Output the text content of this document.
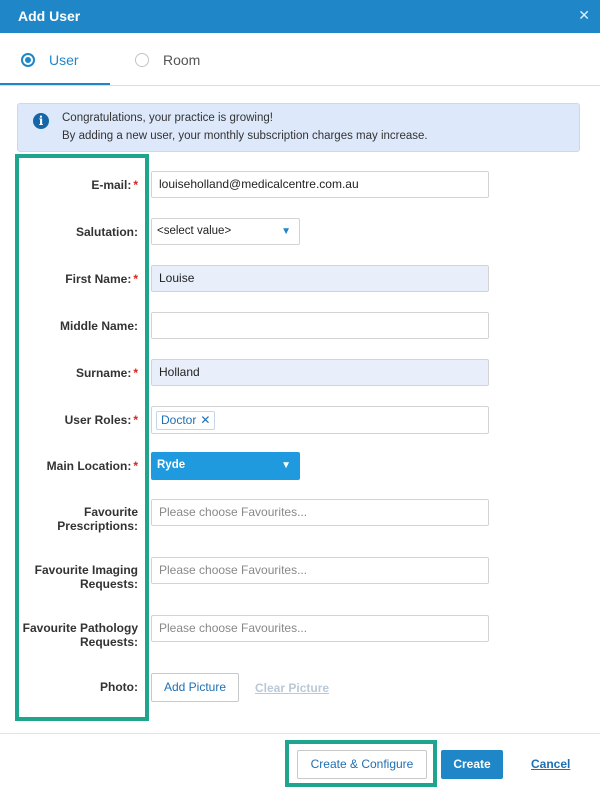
Add User	✕
User	Room
i	Congratulations, your practice is growing!
By adding a new user, your monthly subscription charges may increase.
E-mail: *	louiseholland@medicalcentre.com.au
Salutation:	<select value>	▼
First Name: *	Louise
Middle Name:
Surname: *	Holland
User Roles: *	Doctor ✕
Main Location: *	Ryde	▼
Favourite
Prescriptions:
Please choose Favourites...
Favourite Imaging
Requests:
Please choose Favourites...
Favourite Pathology
Requests:
Please choose Favourites...
Photo:	Add Picture	Clear Picture
Create & Configure	Create	Cancel
